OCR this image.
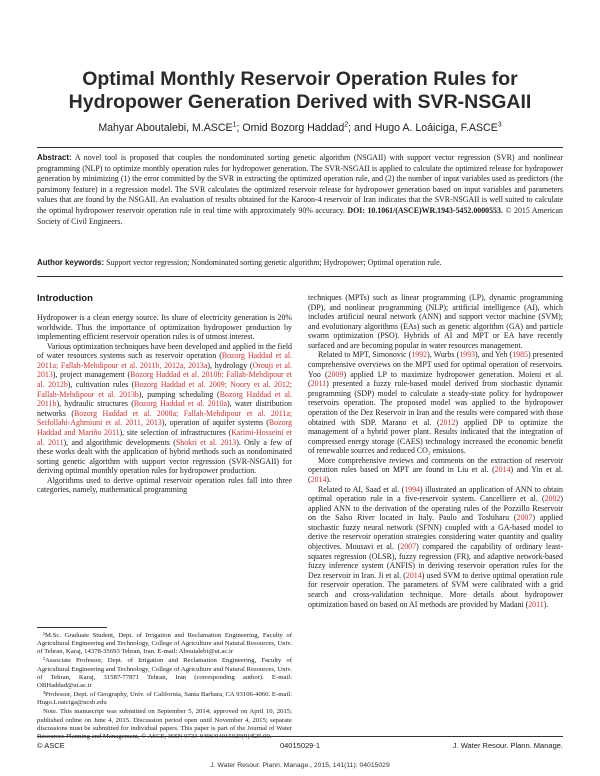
Optimal Monthly Reservoir Operation Rules for
Hydropower Generation Derived with SVR-NSGAII
Mahyar Aboutalebi, M.ASCE$^1$; Omid Bozorg Haddad$^2$; and Hugo A. Loáiciga, F.ASCE$^3$
Abstract: A novel tool is proposed that couples the nondominated sorting genetic algorithm (NSGAII) with support vector regression (SVR) and nonlinear programming (NLP) to optimize monthly operation rules for hydropower generation. The SVR-NSGAII is applied to calculate the optimized release for hydropower generation by minimizing (1) the error committed by the SVR in extracting the optimized operation rule, and (2) the number of input variables used as predictors (the parsimony feature) in a regression model. The SVR calculates the optimized reservoir release for hydropower generation based on input variables and parameters values that are found by the NSGAII. An evaluation of results obtained for the Karoon-4 reservoir of Iran indicates that the SVR-NSGAII is well suited to calculate the optimal hydropower reservoir operation rule in real time with approximately 90% accuracy. DOI: 10.1061/(ASCE)WR.1943-5452.0000553. © 2015 American Society of Civil Engineers.
Author keywords: Support vector regression; Nondominated sorting genetic algorithm; Hydropower; Optimal operation rule.
Introduction

Hydropower is a clean energy source. Its share of electricity generation is 20% worldwide. Thus the importance of optimization hydropower production by implementing efficient reservoir operation rules is of utmost interest.

Various optimization techniques have been developed and applied in the field of water resources systems such as reservoir operation (Bozorg Haddad et al. 2011a; Fallah-Mehdipour et al. 2011b, 2012a, 2013a), hydrology (Orouji et al. 2013), project management (Bozorg Haddad et al. 2010b; Fallah-Mehdipour et al. 2012b), cultivation rules (Bozorg Haddad et al. 2009; Noory et al. 2012; Fallah-Mehdipour et al. 2013b), pumping scheduling (Bozorg Haddad et al. 2011b), hydraulic structures (Bozorg Haddad et al. 2010a), water distribution networks (Bozorg Haddad et al. 2008a; Fallah-Mehdipour et al. 2011a; Seifollahi-Aghmiuni et al. 2011, 2013), operation of aquifer systems (Bozorg Haddad and Mariño 2011), site selection of infrastructures (Karimi-Hosseini et al. 2011), and algorithmic developments (Shokri et al. 2013). Only a few of these works dealt with the application of hybrid methods such as nondominated sorting genetic algorithm with support vector regression (SVR-NSGAII) for deriving optimal monthly operation rules for hydropower production.

Algorithms used to derive optimal reservoir operation rules fall into three categories, namely, mathematical programming

¹M.Sc. Graduate Student, Dept. of Irrigation and Reclamation Engineering, Faculty of Agricultural Engineering and Technology, College of Agriculture and Natural Resources, Univ. of Tehran, Karaj, 14378-35693 Tehran, Iran. E-mail: Aboutalebi@ut.ac.ir

²Associate Professor, Dept. of Irrigation and Reclamation Engineering, Faculty of Agricultural Engineering and Technology, College of Agriculture and Natural Resources, Univ. of Tehran, Karaj, 31587-77871 Tehran, Iran (corresponding author). E-mail: OBHaddad@ut.ac.ir

³Professor, Dept. of Geography, Univ. of California, Santa Barbara, CA 93106-4060. E-mail: Hugo.Loaiciga@ucsb.edu

Note. This manuscript was submitted on September 5, 2014; approved on April 10, 2015; published online on June 4, 2015. Discussion period open until November 4, 2015; separate discussions must be submitted for individual papers. This paper is part of the Journal of Water Resources Planning and Management, © ASCE, ISSN 0733-9496/04015029(9)/$25.00.

techniques (MPTs) such as linear programming (LP), dynamic programming (DP), and nonlinear programming (NLP); artificial intelligence (AI), which includes artificial neural network (ANN) and support vector machine (SVM); and evolutionary algorithms (EAs) such as genetic algorithm (GA) and particle swarm optimization (PSO). Hybrids of AI and MPT or EA have recently surfaced and are becoming popular in water resources management.

Related to MPT, Simonovic (1992), Wurbs (1993), and Yeh (1985) presented comprehensive overviews on the MPT used for optimal operation of reservoirs. Yoo (2009) applied LP to maximize hydropower generation. Moieni et al. (2011) presented a fuzzy rule-based model derived from stochastic dynamic programming (SDP) model to calculate a steady-state policy for hydropower reservoirs operation. The proposed model was applied to the hydropower operation of the Dez Reservoir in Iran and the results were compared with those obtained with SDP. Marano et al. (2012) applied DP to optimize the management of a hybrid power plant. Results indicated that the integration of compressed energy storage (CAES) technology increased the economic benefit of renewable sources and reduced CO₂ emissions.

More comprehensive reviews and comments on the extraction of reservoir operation rules based on MPT are found in Liu et al. (2014) and Yin et al. (2014).

Related to AI, Saad et al. (1994) illustrated an application of ANN to obtain optimal operation rule in a five-reservoir system. Cancelliere et al. (2002) applied ANN to the derivation of the operating rules of the Pozzillo Reservoir on the Salso River located in Italy. Paulo and Toshiharu (2007) applied stochastic fuzzy neural network (SFNN) coupled with a GA-based model to derive the reservoir operation strategies considering water quantity and quality objectives. Mousavi et al. (2007) compared the capability of ordinary least-squares regression (OLSR), fuzzy regression (FR), and adaptive network-based fuzzy inference system (ANFIS) in deriving reservoir operation rules for the Dez reservoir in Iran. Ji et al. (2014) used SVM to derive optimal operation rule for reservoir operation. The parameters of SVM were calibrated with a grid search and cross-validation technique. More details about hydropower optimization based on based on AI methods are provided by Madani (2011).

© ASCE	04015029-1	J. Water Resour. Plann. Manage.
J. Water Resour. Plann. Manage., 2015, 141(11): 04015029
